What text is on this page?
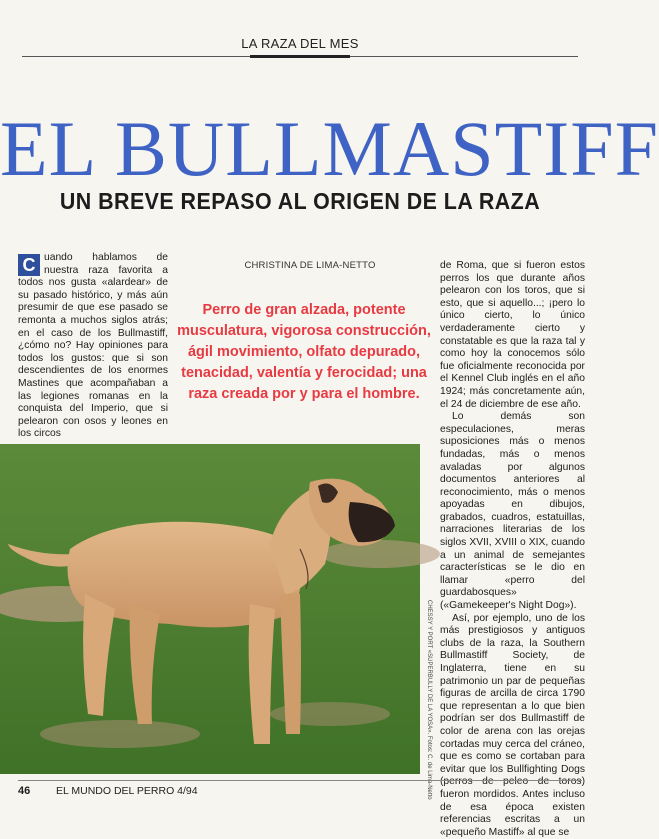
LA RAZA DEL MES
EL BULLMASTIFF
UN BREVE REPASO AL ORIGEN DE LA RAZA

C uando hablamos de nuestra raza favorita a todos nos gusta «alardear» de su pasado histórico, y más aún presumir de que ese pasado se remonta a muchos siglos atrás; en el caso de los Bullmastiff, ¿cómo no? Hay opiniones para todos los gustos: que si son descendientes de los enormes Mastines que acompañaban a las legiones romanas en la conquista del Imperio, que si pelearon con osos y leones en los circos

CHRISTINA DE LIMA-NETTO
Perro de gran alzada, potente musculatura, vigorosa construcción, ágil movimiento, olfato depurado, tenacidad, valentía y ferocidad; una raza creada por y para el hombre.

de Roma, que si fueron estos perros los que durante años pelearon con los toros, que si esto, que si aquello...; ¡pero lo único cierto, lo único verdaderamente cierto y constatable es que la raza tal y como hoy la conocemos sólo fue oficialmente reconocida por el Kennel Club inglés en el año 1924; más concretamente aún, el 24 de diciembre de ese año.

Lo demás son especulaciones, meras suposiciones más o menos fundadas, más o menos avaladas por algunos documentos anteriores al reconocimiento, más o menos apoyadas en dibujos, grabados, cuadros, estatuillas, narraciones literarias de los siglos XVII, XVIII o XIX, cuando a un animal de semejantes características se le dio en llamar «perro del guardabosques» («Gamekeeper's Night Dog»).

Así, por ejemplo, uno de los más prestigiosos y antiguos clubs de la raza, la Southern Bullmastiff Society, de Inglaterra, tiene en su patrimonio un par de pequeñas figuras de arcilla de circa 1790 que representan a lo que bien podrían ser dos Bullmastiff de color de arena con las orejas cortadas muy cerca del cráneo, que es como se cortaban para evitar que los Bullfighting Dogs (perros de peleo de toros) fueron mordidos. Antes incluso de esa época existen referencias escritas a un «pequeño Mastiff» al que se

CHESSY Y PORT «SUPERBULLY DE LA YOSA». Fotos: C. de Lima-Netto
46 EL MUNDO DEL PERRO 4/94
